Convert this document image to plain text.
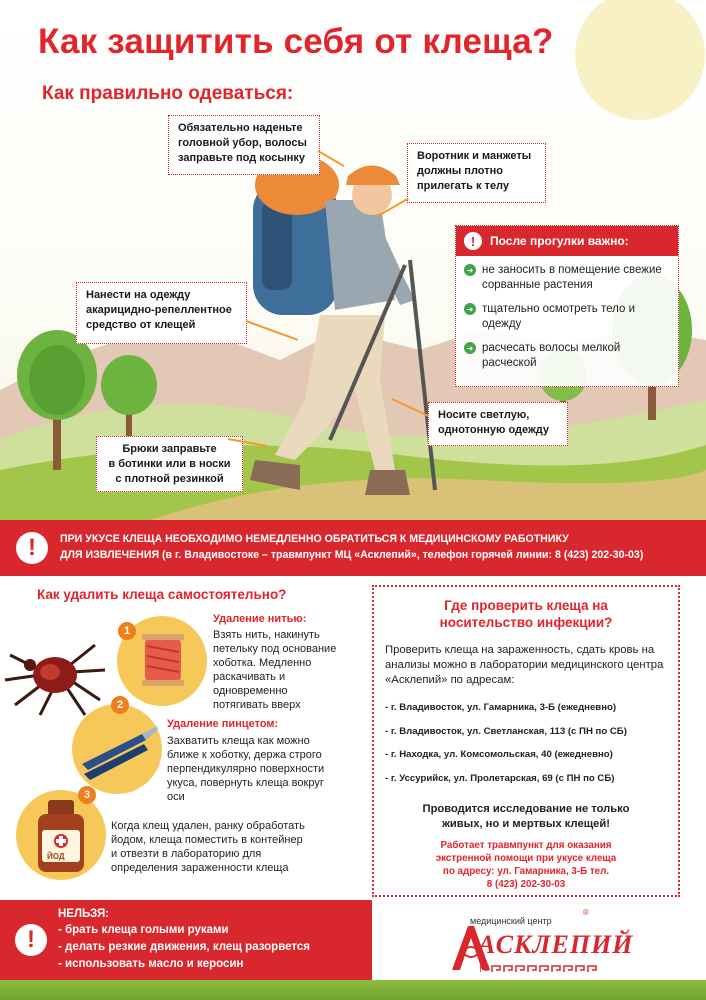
Как защитить себя от клеща?
Как правильно одеваться:
Обязательно наденьте
головной убор, волосы
заправьте под косынку	Воротник и манжеты
должны плотно
прилегать к телу
Нанести на одежду
акарицидно-репеллентное
средство от клещей
Носите светлую,
однотонную одежду
Брюки заправьте
в ботинки или в носки
с плотной резинкой
!	После прогулки важно:
➜ не заносить в помещение свежие сорванные растения
➜ тщательно осмотреть тело и одежду
➜ расчесать волосы мелкой расческой
!	ПРИ УКУСЕ КЛЕЩА НЕОБХОДИМО НЕМЕДЛЕННО ОБРАТИТЬСЯ К МЕДИЦИНСКОМУ РАБОТНИКУ
ДЛЯ ИЗВЛЕЧЕНИЯ (в г. Владивостоке – травмпункт МЦ «Асклепий», телефон горячей линии: 8 (423) 202-30-03)
Как удалить клеща самостоятельно?
1
Удаление нитью:
Взять нить, накинуть
петельку под основание
хоботка. Медленно
раскачивать и
одновременно
потягивать вверх
2
Удаление пинцетом:
Захватить клеща как можно
ближе к хоботку, держа строго
перпендикулярно поверхности
укуса, повернуть клеща вокруг
оси
ЙОД
3
Когда клещ удален, ранку обработать
йодом, клеща поместить в контейнер
и отвезти в лабораторию для
определения зараженности клеща
Где проверить клеща на
носительство инфекции?
Проверить клеща на зараженность, сдать кровь на анализы можно в лаборатории медицинского центра «Асклепий» по адресам:
- г. Владивосток, ул. Гамарника, 3-Б (ежедневно)
- г. Владивосток, ул. Светланская, 113 (с ПН по СБ)
- г. Находка, ул. Комсомольская, 40 (ежедневно)
- г. Уссурийск, ул. Пролетарская, 69 (с ПН по СБ)
Проводится исследование не только
живых, но и мертвых клещей!
Работает травмпункт для оказания
экстренной помощи при укусе клеща
по адресу: ул. Гамарника, 3-Б тел.
8 (423) 202-30-03
!
НЕЛЬЗЯ:
- брать клеща голыми руками
- делать резкие движения, клещ разорвется
- использовать масло и керосин
медицинский центр
®
АСКЛЕПИЙ
